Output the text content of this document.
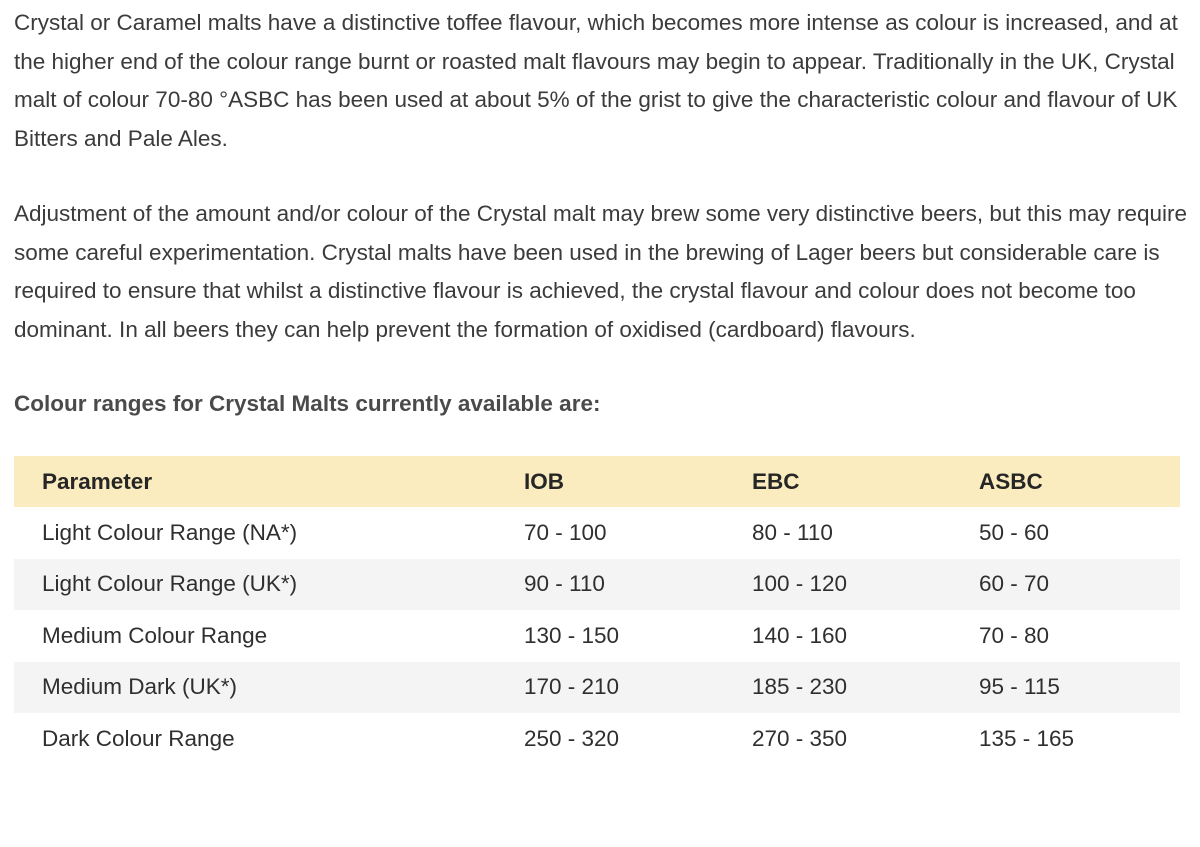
Crystal or Caramel malts have a distinctive toffee flavour, which becomes more intense as colour is increased, and at the higher end of the colour range burnt or roasted malt flavours may begin to appear. Traditionally in the UK, Crystal malt of colour 70-80 °ASBC has been used at about 5% of the grist to give the characteristic colour and flavour of UK Bitters and Pale Ales.

Adjustment of the amount and/or colour of the Crystal malt may brew some very distinctive beers, but this may require some careful experimentation. Crystal malts have been used in the brewing of Lager beers but considerable care is required to ensure that whilst a distinctive flavour is achieved, the crystal flavour and colour does not become too dominant. In all beers they can help prevent the formation of oxidised (cardboard) flavours.

Colour ranges for Crystal Malts currently available are:

Parameter	IOB	EBC	ASBC
Light Colour Range (NA*)	70 - 100	80 - 110	50 - 60
Light Colour Range (UK*)	90 - 110	100 - 120	60 - 70
Medium Colour Range	130 - 150	140 - 160	70 - 80
Medium Dark (UK*)	170 - 210	185 - 230	95 - 115
Dark Colour Range	250 - 320	270 - 350	135 - 165
